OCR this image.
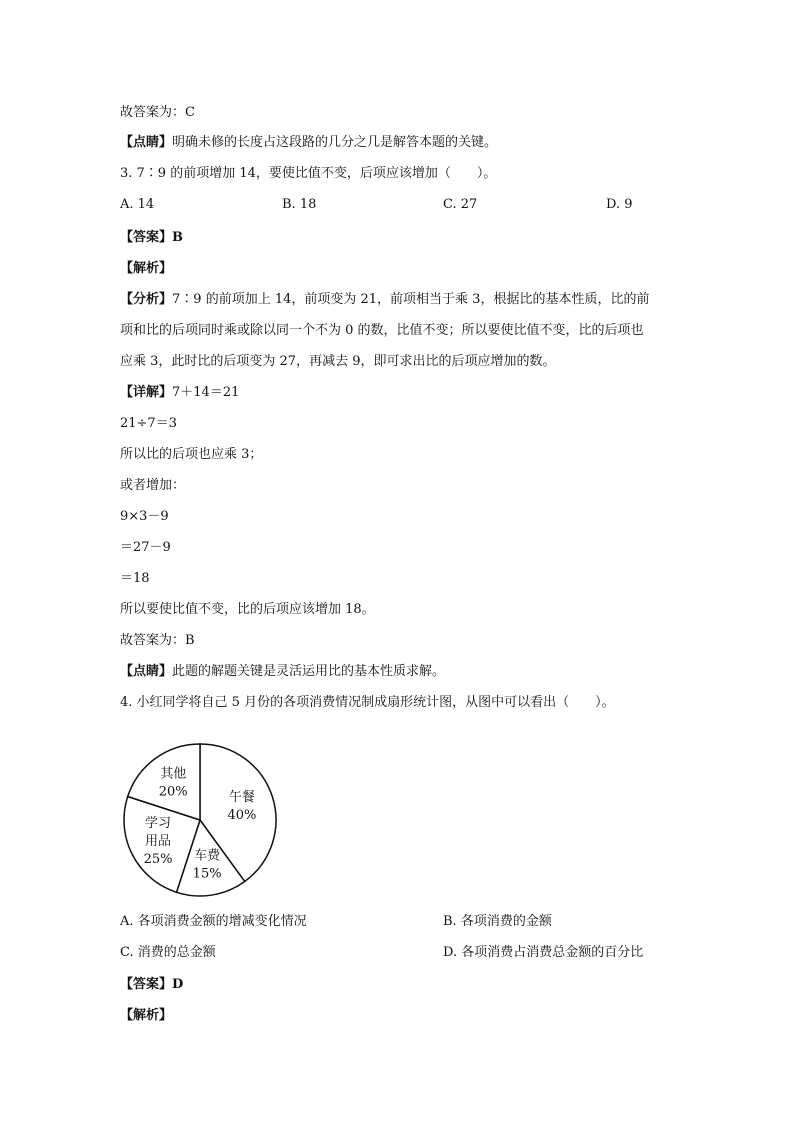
故答案为：C
【点睛】明确未修的长度占这段路的几分之几是解答本题的关键。
3. 7∶9 的前项增加 14，要使比值不变，后项应该增加（　　）。
A. 14	B. 18	C. 27	D. 9
【答案】B
【解析】
【分析】7∶9 的前项加上 14，前项变为 21，前项相当于乘 3，根据比的基本性质，比的前
项和比的后项同时乘或除以同一个不为 0 的数，比值不变；所以要使比值不变，比的后项也
应乘 3，此时比的后项变为 27，再减去 9，即可求出比的后项应增加的数。
【详解】7＋14＝21
21÷7＝3
所以比的后项也应乘 3；
或者增加：
9×3－9
＝27－9
＝18
所以要使比值不变，比的后项应该增加 18。
故答案为：B
【点睛】此题的解题关键是灵活运用比的基本性质求解。
4. 小红同学将自己 5 月份的各项消费情况制成扇形统计图，从图中可以看出（　　）。
午餐
40%
车费
15%
学习
用品
25%
其他
20%
A. 各项消费金额的增减变化情况	B. 各项消费的金额
C. 消费的总金额	D. 各项消费占消费总金额的百分比
【答案】D
【解析】
